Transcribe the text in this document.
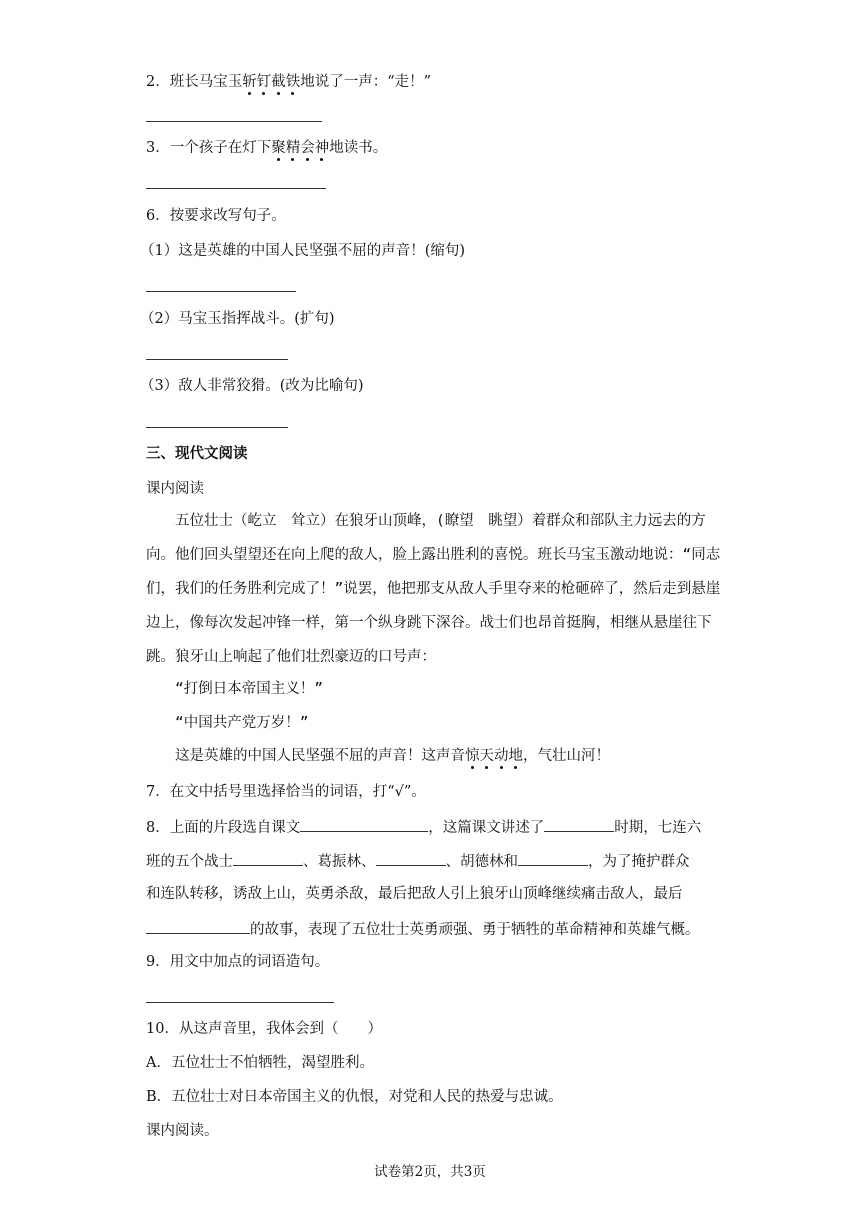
2．班长马宝玉斩钉截铁地说了一声：“走！”
3．一个孩子在灯下聚精会神地读书。
6．按要求改写句子。
（1）这是英雄的中国人民坚强不屈的声音！(缩句)
（2）马宝玉指挥战斗。(扩句)
（3）敌人非常狡猾。(改为比喻句)
三、现代文阅读
课内阅读
五位壮士（屹立　耸立）在狼牙山顶峰，(瞭望　眺望）着群众和部队主力远去的方向。他们回头望望还在向上爬的敌人，脸上露出胜利的喜悦。班长马宝玉激动地说：“同志们，我们的任务胜利完成了！”说罢，他把那支从敌人手里夺来的枪砸碎了，然后走到悬崖边上，像每次发起冲锋一样，第一个纵身跳下深谷。战士们也昂首挺胸，相继从悬崖往下跳。狼牙山上响起了他们壮烈豪迈的口号声：
“打倒日本帝国主义！”
“中国共产党万岁！”
这是英雄的中国人民坚强不屈的声音！这声音惊天动地，气壮山河！
7．在文中括号里选择恰当的词语，打“√”。
8．上面的片段选自课文	，这篇课文讲述了	时期，七连六
班的五个战士	、葛振林、	、胡德林和	，为了掩护群众
和连队转移，诱敌上山，英勇杀敌，最后把敌人引上狼牙山顶峰继续痛击敌人，最后
的故事，表现了五位壮士英勇顽强、勇于牺牲的革命精神和英雄气概。
9．用文中加点的词语造句。
10．从这声音里，我体会到（　　）
A．五位壮士不怕牺牲，渴望胜利。
B．五位壮士对日本帝国主义的仇恨，对党和人民的热爱与忠诚。
课内阅读。
试卷第2页，共3页
